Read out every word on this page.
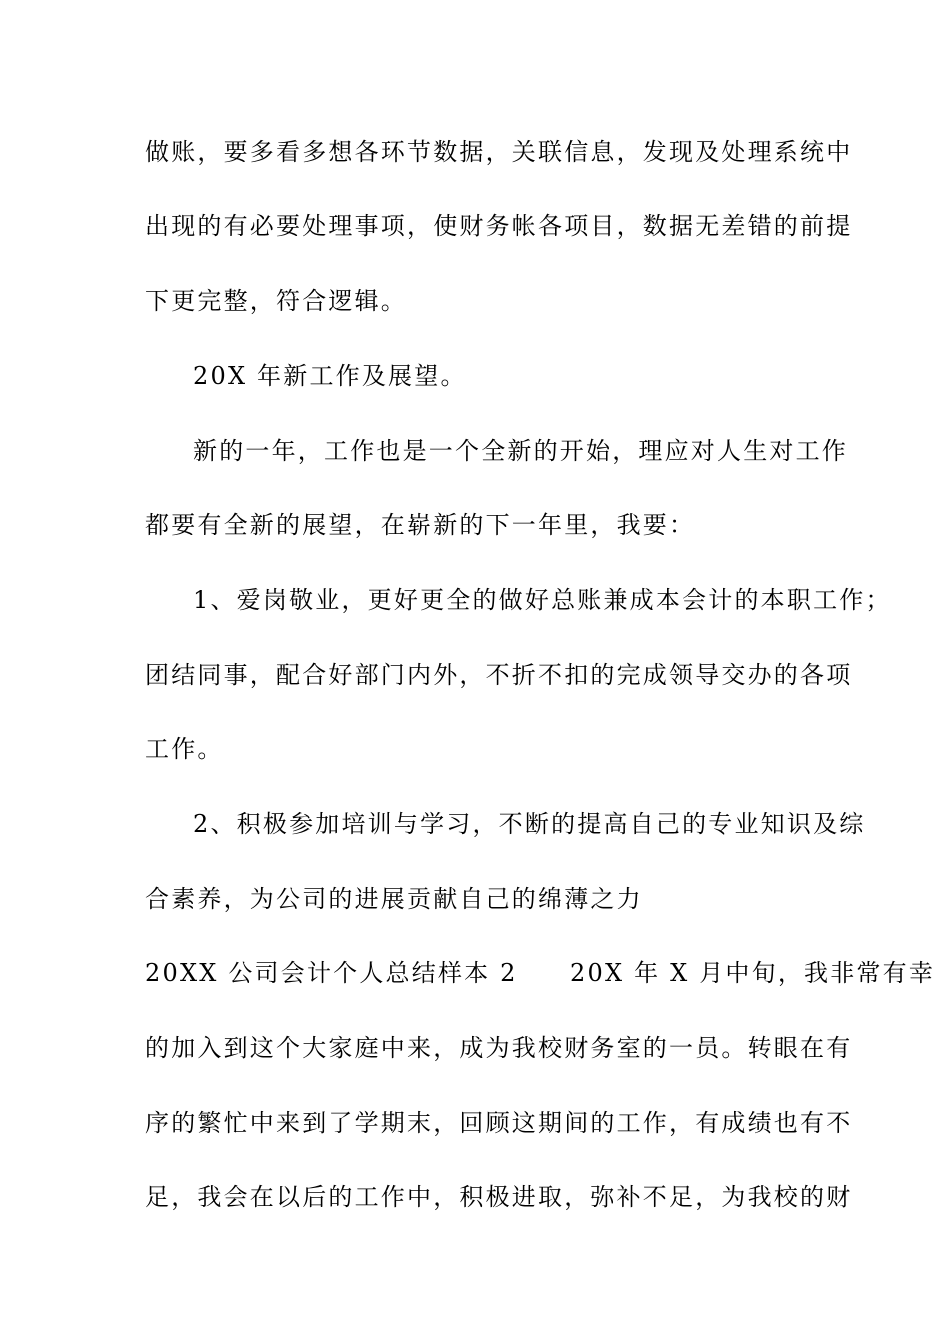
做账，要多看多想各环节数据，关联信息，发现及处理系统中
出现的有必要处理事项，使财务帐各项目，数据无差错的前提
下更完整，符合逻辑。
20X 年新工作及展望。
新的一年，工作也是一个全新的开始，理应对人生对工作
都要有全新的展望，在崭新的下一年里，我要：
1、爱岗敬业，更好更全的做好总账兼成本会计的本职工作；
团结同事，配合好部门内外，不折不扣的完成领导交办的各项
工作。
2、积极参加培训与学习，不断的提高自己的专业知识及综
合素养，为公司的进展贡献自己的绵薄之力
20XX 公司会计个人总结样本 2　　20X 年 X 月中旬，我非常有幸
的加入到这个大家庭中来，成为我校财务室的一员。转眼在有
序的繁忙中来到了学期末，回顾这期间的工作，有成绩也有不
足，我会在以后的工作中，积极进取，弥补不足，为我校的财
